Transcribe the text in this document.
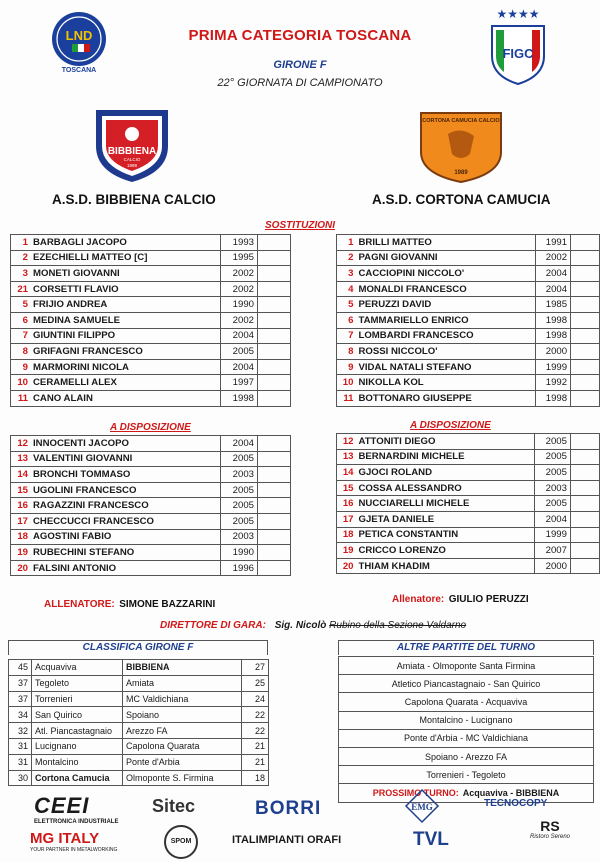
LND
TOSCANA
★★★★
FIGC
PRIMA CATEGORIA TOSCANA
GIRONE F
22° GIORNATA DI CAMPIONATO
BIBBIENA
CALCIO
1999
CORTONA CAMUCIA CALCIO
1989
A.S.D. BIBBIENA CALCIO	A.S.D. CORTONA CAMUCIA
SOSTITUZIONI
1	BARBAGLI JACOPO	1993	
2	EZECHIELLI MATTEO [C]	1995	
3	MONETI GIOVANNI	2002	
21	CORSETTI FLAVIO	2002	
5	FRIJIO ANDREA	1990	
6	MEDINA SAMUELE	2002	
7	GIUNTINI FILIPPO	2004	
8	GRIFAGNI FRANCESCO	2005	
9	MARMORINI NICOLA	2004	
10	CERAMELLI ALEX	1997	
11	CANO ALAIN	1998	
1	BRILLI MATTEO	1991	
2	PAGNI GIOVANNI	2002	
3	CACCIOPINI NICCOLO'	2004	
4	MONALDI FRANCESCO	2004	
5	PERUZZI DAVID	1985	
6	TAMMARIELLO ENRICO	1998	
7	LOMBARDI FRANCESCO	1998	
8	ROSSI NICCOLO'	2000	
9	VIDAL NATALI STEFANO	1999	
10	NIKOLLA KOL	1992	
11	BOTTONARO GIUSEPPE	1998	
A DISPOSIZIONE	A DISPOSIZIONE
12	INNOCENTI JACOPO	2004	
13	VALENTINI GIOVANNI	2005	
14	BRONCHI TOMMASO	2003	
15	UGOLINI FRANCESCO	2005	
16	RAGAZZINI FRANCESCO	2005	
17	CHECCUCCI FRANCESCO	2005	
18	AGOSTINI FABIO	2003	
19	RUBECHINI STEFANO	1990	
20	FALSINI ANTONIO	1996	
12	ATTONITI DIEGO	2005	
13	BERNARDINI MICHELE	2005	
14	GJOCI ROLAND	2005	
15	COSSA ALESSANDRO	2003	
16	NUCCIARELLI MICHELE	2005	
17	GJETA DANIELE	2004	
18	PETICA CONSTANTIN	1999	
19	CRICCO LORENZO	2007	
20	THIAM KHADIM	2000	
ALLENATORE: SIMONE BAZZARINI	Allenatore: GIULIO PERUZZI
DIRETTORE DI GARA: Sig. Nicolò Rubino della Sezione Valdarno
CLASSIFICA GIRONE F
45	Acquaviva	BIBBIENA	27
37	Tegoleto	Amiata	25
37	Torrenieri	MC Valdichiana	24
34	San Quirico	Spoiano	22
32	Atl. Piancastagnaio	Arezzo FA	22
31	Lucignano	Capolona Quarata	21
31	Montalcino	Ponte d'Arbia	21
30	Cortona Camucia	Olmoponte S. Firmina	18
ALTRE PARTITE DEL TURNO
Amiata - Olmoponte Santa Firmina
Atletico Piancastagnaio - San Quirico
Capolona Quarata - Acquaviva
Montalcino - Lucignano
Ponte d'Arbia - MC Valdichiana
Spoiano - Arezzo FA
Torrenieri - Tegoleto
PROSSIMO TURNO: Acquaviva - BIBBIENA
CEEI
ELETTRONICA INDUSTRIALE
Sitec	BORRI	EMG	TECNOCOPY
MG ITALY
YOUR PARTNER IN METALWORKING
SPOM	ITALIMPIANTI ORAFI	TVL
RS
Ristoro Sereno
